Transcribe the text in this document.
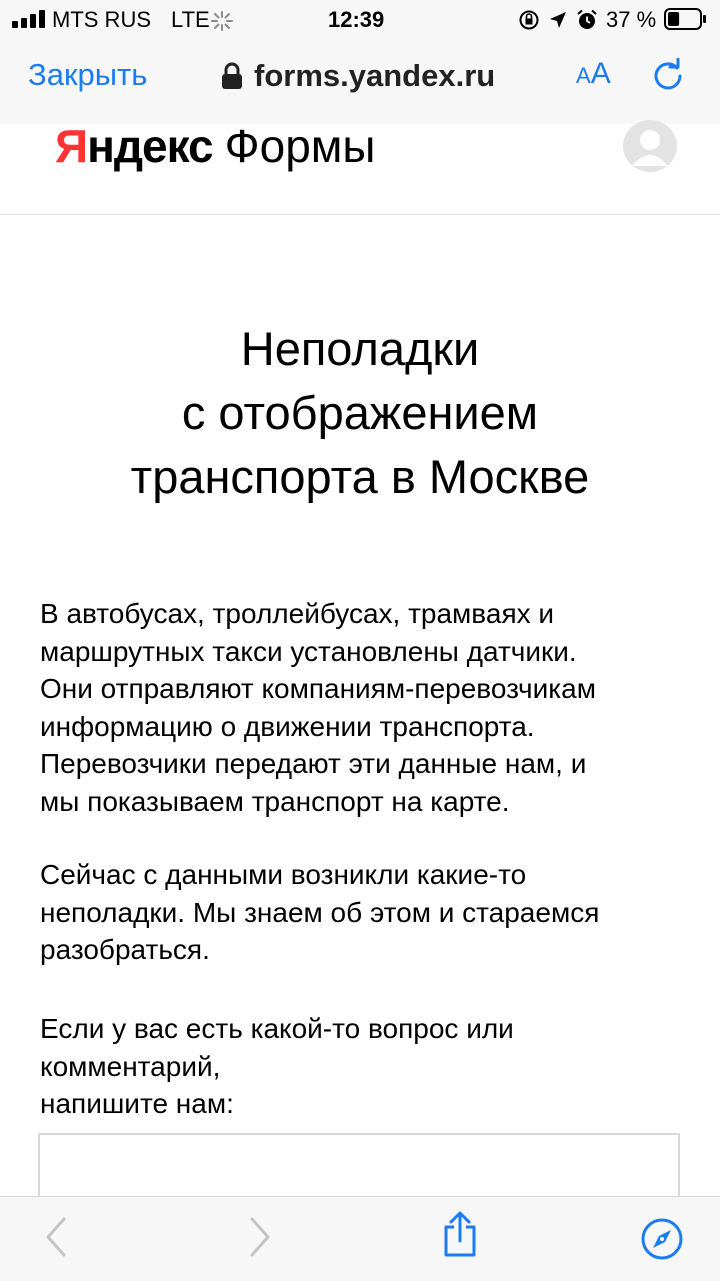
MTS RUS LTE	12:39	37 %
Закрыть	forms.yandex.ru	AA
Яндекс Формы
Неполадки
с отображением
транспорта в Москве
В автобусах, троллейбусах, трамваях и
маршрутных такси установлены датчики.
Они отправляют компаниям-перевозчикам
информацию о движении транспорта.
Перевозчики передают эти данные нам, и
мы показываем транспорт на карте.
Сейчас с данными возникли какие-то
неполадки. Мы знаем об этом и стараемся
разобраться.
Если у вас есть какой-то вопрос или
комментарий,
напишите нам:
